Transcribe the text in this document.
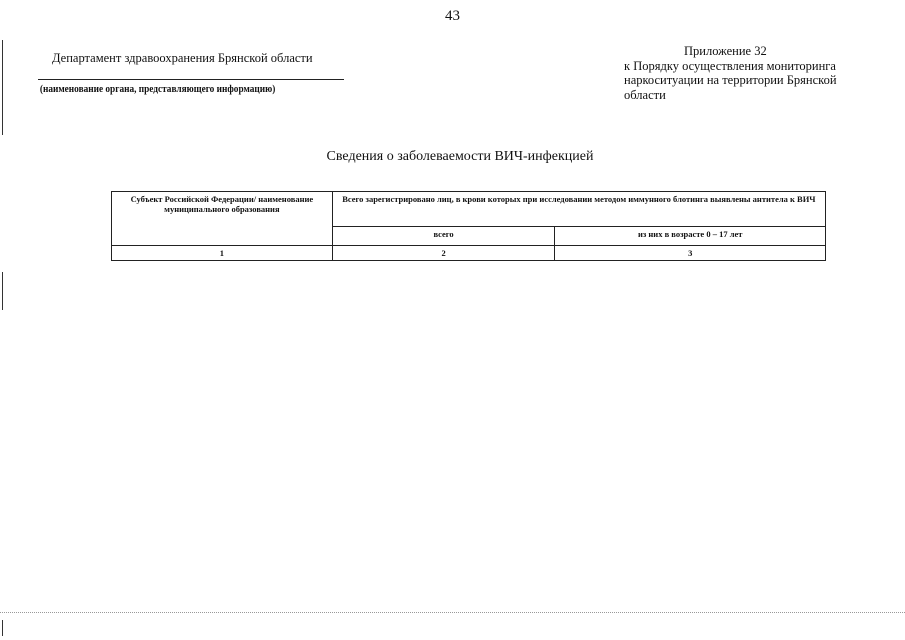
43
Департамент здравоохранения Брянской области
(наименование органа, представляющего информацию)
Приложение 32
к Порядку осуществления мониторинга
наркоситуации на территории Брянской
области
Сведения о заболеваемости ВИЧ-инфекцией
Субъект Российской Федерации/ наименование муниципального образования	Всего зарегистрировано лиц, в крови которых при исследовании методом иммунного блотинга выявлены антитела к ВИЧ	
	всего	из них в возрасте 0 – 17 лет
1	2	3
